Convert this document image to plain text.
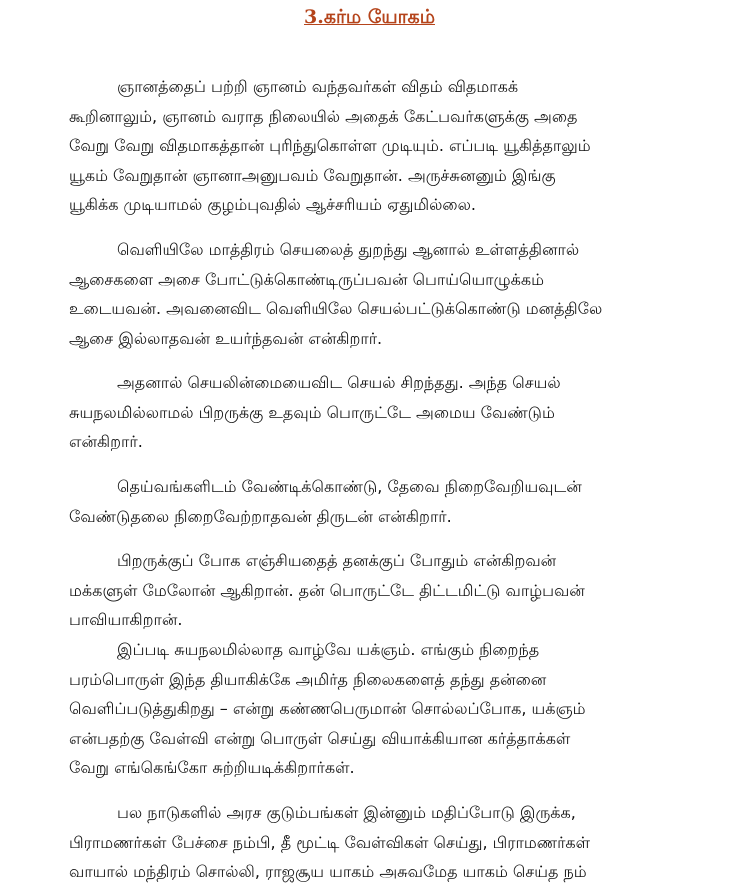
3.கர்ம யோகம்
ஞானத்தைப் பற்றி ஞானம் வந்தவர்கள் விதம் விதமாகக்
கூறினாலும், ஞானம் வராத நிலையில் அதைக் கேட்பவர்களுக்கு அதை
வேறு வேறு விதமாகத்தான் புரிந்துகொள்ள முடியும். எப்படி யூகித்தாலும்
யூகம் வேறுதான் ஞானாஅனுபவம் வேறுதான். அருச்சுனனும் இங்கு
யூகிக்க முடியாமல் குழம்புவதில் ஆச்சரியம் ஏதுமில்லை.
வெளியிலே மாத்திரம் செயலைத் துறந்து ஆனால் உள்ளத்தினால்
ஆசைகளை அசை போட்டுக்கொண்டிருப்பவன் பொய்யொழுக்கம்
உடையவன். அவனைவிட வெளியிலே செயல்பட்டுக்கொண்டு மனத்திலே
ஆசை இல்லாதவன் உயர்ந்தவன் என்கிறார்.
அதனால் செயலின்மையைவிட செயல் சிறந்தது. அந்த செயல்
சுயநலமில்லாமல் பிறருக்கு உதவும் பொருட்டே அமைய வேண்டும்
என்கிறார்.
தெய்வங்களிடம் வேண்டிக்கொண்டு, தேவை நிறைவேறியவுடன்
வேண்டுதலை நிறைவேற்றாதவன் திருடன் என்கிறார்.
பிறருக்குப் போக எஞ்சியதைத் தனக்குப் போதும் என்கிறவன்
மக்களுள் மேலோன் ஆகிறான். தன் பொருட்டே திட்டமிட்டு வாழ்பவன்
பாவியாகிறான்.
இப்படி சுயநலமில்லாத வாழ்வே யக்ஞம். எங்கும் நிறைந்த
பரம்பொருள் இந்த தியாகிக்கே அமிர்த நிலைகளைத் தந்து தன்னை
வெளிப்படுத்துகிறது – என்று கண்ணபெருமான் சொல்லப்போக, யக்ஞம்
என்பதற்கு வேள்வி என்று பொருள் செய்து வியாக்கியான கர்த்தாக்கள்
வேறு எங்கெங்கோ சுற்றியடிக்கிறார்கள்.
பல நாடுகளில் அரச குடும்பங்கள் இன்னும் மதிப்போடு இருக்க,
பிராமணர்கள் பேச்சை நம்பி, தீ மூட்டி வேள்விகள் செய்து, பிராமணர்கள்
வாயால் மந்திரம் சொல்லி, ராஜசூய யாகம் அசுவமேத யாகம் செய்த நம்
